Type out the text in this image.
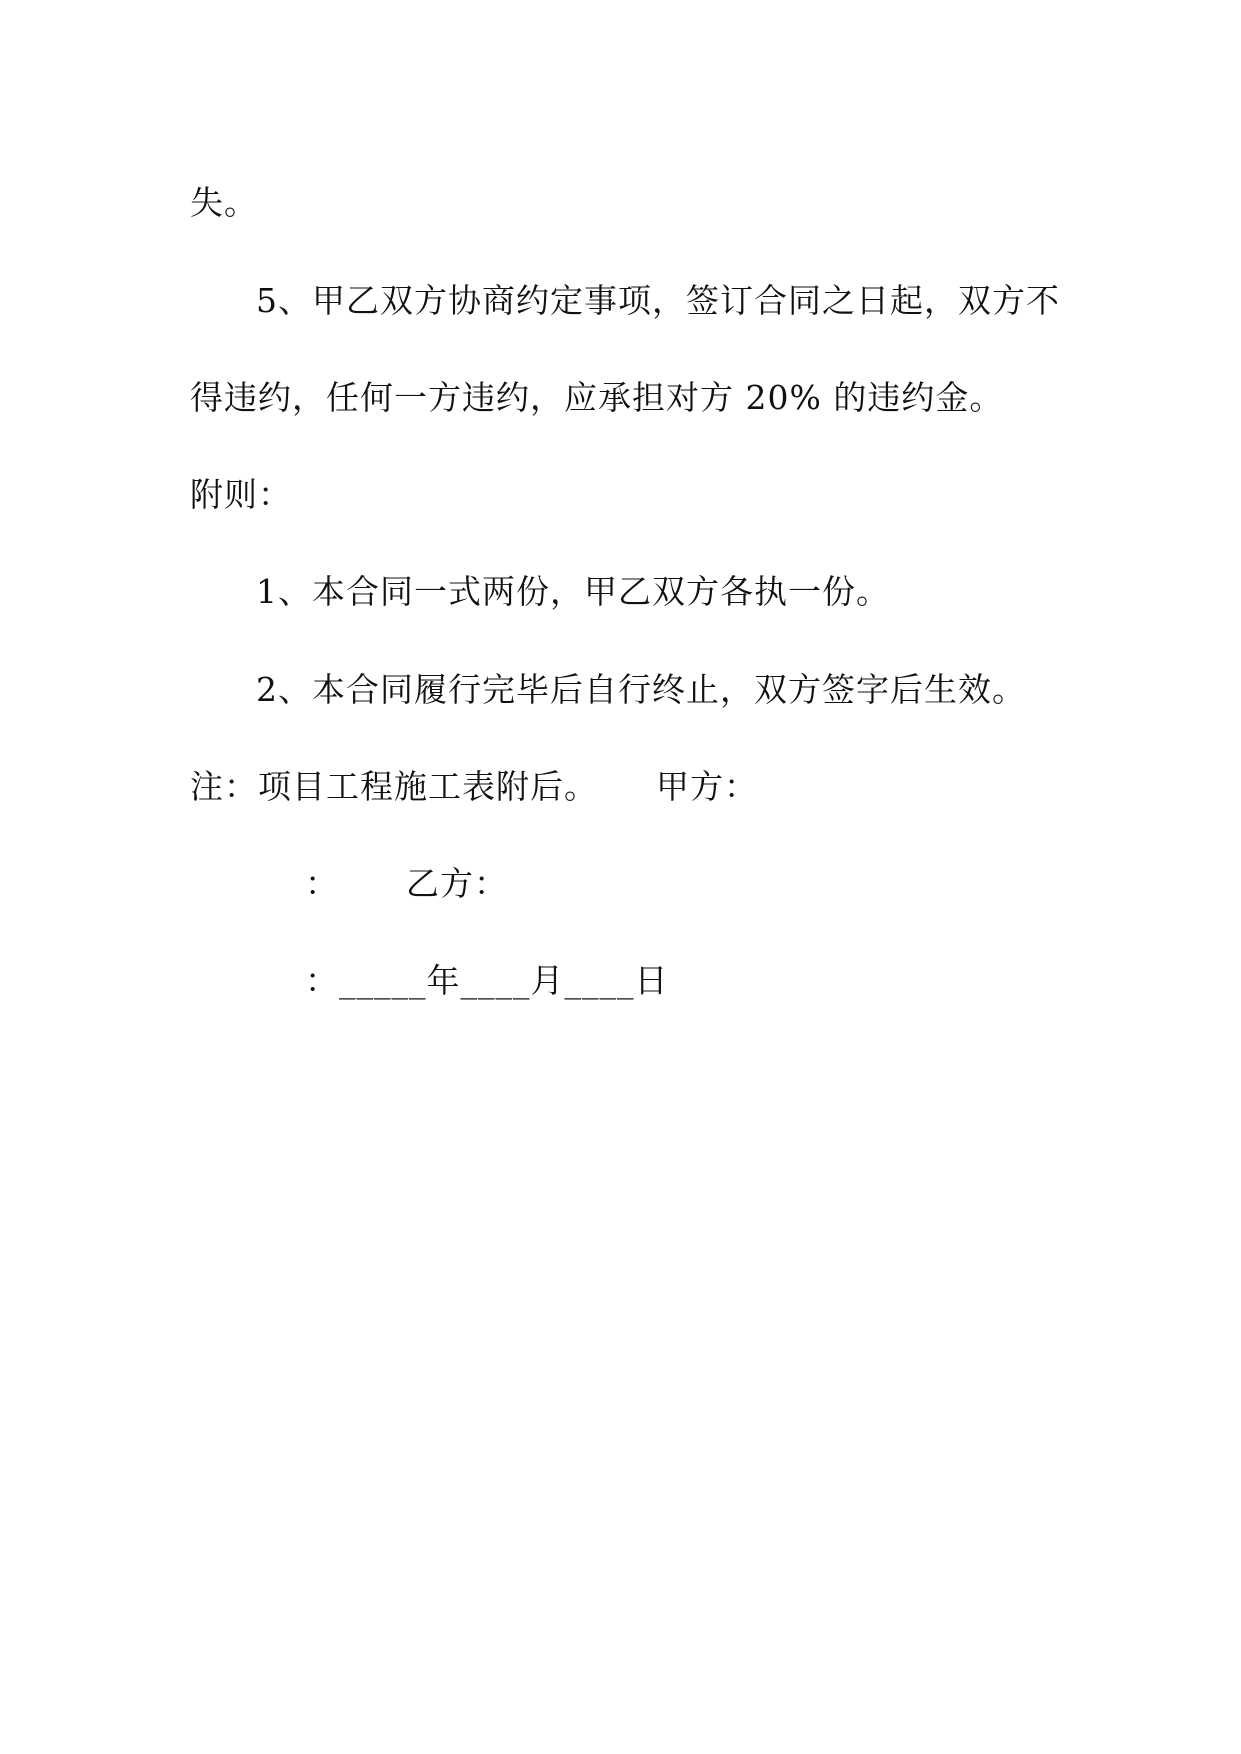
失。
5、甲乙双方协商约定事项，签订合同之日起，双方不
得违约，任何一方违约，应承担对方 20% 的违约金。
附则：
1、本合同一式两份，甲乙双方各执一份。
2、本合同履行完毕后自行终止，双方签字后生效。
注：项目工程施工表附后。 甲方：
： 乙方：
：_____年____月____日
